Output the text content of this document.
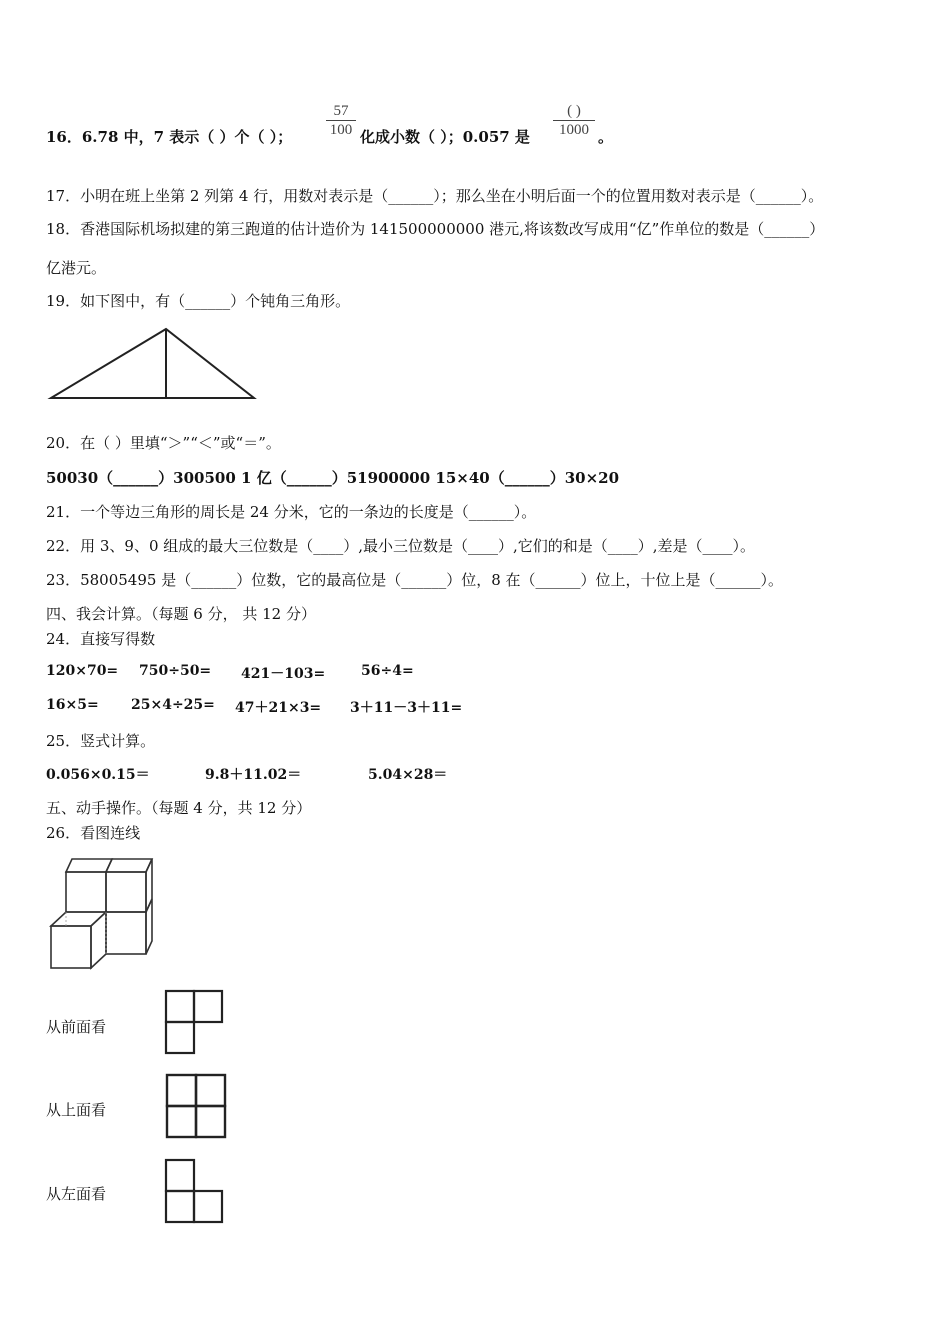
16．6.78 中，7 表示（ ）个（ ）；
57
100 化成小数（ ）；0.057 是
( )
1000 。
17．小明在班上坐第 2 列第 4 行，用数对表示是（______）；那么坐在小明后面一个的位置用数对表示是（______）。
18．香港国际机场拟建的第三跑道的估计造价为 141500000000 港元,将该数改写成用“亿”作单位的数是（______）
亿港元。
19．如下图中，有（______）个钝角三角形。
20．在（ ）里填“＞”“＜”或“＝”。
50030（______）300500 1 亿（______）51900000 15×40（______）30×20
21．一个等边三角形的周长是 24 分米，它的一条边的长度是（______）。
22．用 3、9、0 组成的最大三位数是（____）,最小三位数是（____）,它们的和是（____）,差是（____）。
23．58005495 是（______）位数，它的最高位是（______）位，8 在（______）位上，十位上是（______）。
四、我会计算。（每题 6 分， 共 12 分）
24．直接写得数
120×70= 750÷50= 421－103=	56÷4=
16×5= 25×4÷25= 47＋21×3= 3＋11－3＋11=
25．竖式计算。
0.056×0.15＝	9.8＋11.02＝	5.04×28＝
五、动手操作。（每题 4 分，共 12 分）
26．看图连线
从前面看
从上面看
从左面看
